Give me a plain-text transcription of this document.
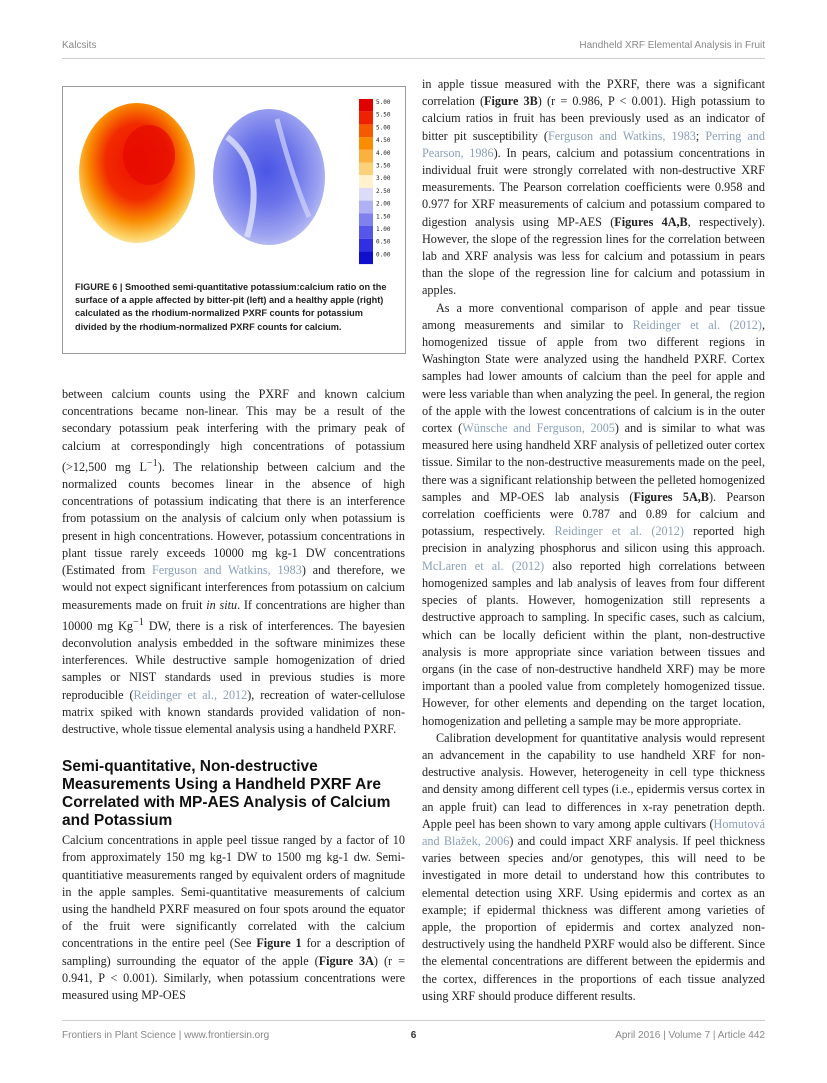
Kalcsits	Handheld XRF Elemental Analysis in Fruit
5.00
5.50
5.00
4.50
4.00
3.50
3.00
2.50
2.00
1.50
1.00
0.50
0.00
FIGURE 6 | Smoothed semi-quantitative potassium:calcium ratio on the surface of a apple affected by bitter-pit (left) and a healthy apple (right) calculated as the rhodium-normalized PXRF counts for potassium divided by the rhodium-normalized PXRF counts for calcium.

between calcium counts using the PXRF and known calcium concentrations became non-linear. This may be a result of the secondary potassium peak interfering with the primary peak of calcium at correspondingly high concentrations of potassium (>12,500 mg $L^{-1}$). The relationship between calcium and the normalized counts becomes linear in the absence of high concentrations of potassium indicating that there is an interference from potassium on the analysis of calcium only when potassium is present in high concentrations. However, potassium concentrations in plant tissue rarely exceeds 10000 mg kg-1 DW concentrations (Estimated from Ferguson and Watkins, 1983) and therefore, we would not expect significant interferences from potassium on calcium measurements made on fruit in situ. If concentrations are higher than 10000 mg $Kg^{-1}$ DW, there is a risk of interferences. The bayesien deconvolution analysis embedded in the software minimizes these interferences. While destructive sample homogenization of dried samples or NIST standards used in previous studies is more reproducible (Reidinger et al., 2012), recreation of water-cellulose matrix spiked with known standards provided validation of non-destructive, whole tissue elemental analysis using a handheld PXRF.

Semi-quantitative, Non-destructive Measurements Using a Handheld PXRF Are Correlated with MP-AES Analysis of Calcium and Potassium

Calcium concentrations in apple peel tissue ranged by a factor of 10 from approximately 150 mg kg-1 DW to 1500 mg kg-1 dw. Semi-quantitiative measurements ranged by equivalent orders of magnitude in the apple samples. Semi-quantitative measurements of calcium using the handheld PXRF measured on four spots around the equator of the fruit were significantly correlated with the calcium concentrations in the entire peel (See Figure 1 for a description of sampling) surrounding the equator of the apple (Figure 3A) (r = 0.941, P < 0.001). Similarly, when potassium concentrations were measured using MP-OES

in apple tissue measured with the PXRF, there was a significant correlation (Figure 3B) (r = 0.986, P < 0.001). High potassium to calcium ratios in fruit has been previously used as an indicator of bitter pit susceptibility (Ferguson and Watkins, 1983; Perring and Pearson, 1986). In pears, calcium and potassium concentrations in individual fruit were strongly correlated with non-destructive XRF measurements. The Pearson correlation coefficients were 0.958 and 0.977 for XRF measurements of calcium and potassium compared to digestion analysis using MP-AES (Figures 4A,B, respectively). However, the slope of the regression lines for the correlation between lab and XRF analysis was less for calcium and potassium in pears than the slope of the regression line for calcium and potassium in apples.

As a more conventional comparison of apple and pear tissue among measurements and similar to Reidinger et al. (2012), homogenized tissue of apple from two different regions in Washington State were analyzed using the handheld PXRF. Cortex samples had lower amounts of calcium than the peel for apple and were less variable than when analyzing the peel. In general, the region of the apple with the lowest concentrations of calcium is in the outer cortex (Wünsche and Ferguson, 2005) and is similar to what was measured here using handheld XRF analysis of pelletized outer cortex tissue. Similar to the non-destructive measurements made on the peel, there was a significant relationship between the pelleted homogenized samples and MP-OES lab analysis (Figures 5A,B). Pearson correlation coefficients were 0.787 and 0.89 for calcium and potassium, respectively. Reidinger et al. (2012) reported high precision in analyzing phosphorus and silicon using this approach. McLaren et al. (2012) also reported high correlations between homogenized samples and lab analysis of leaves from four different species of plants. However, homogenization still represents a destructive approach to sampling. In specific cases, such as calcium, which can be locally deficient within the plant, non-destructive analysis is more appropriate since variation between tissues and organs (in the case of non-destructive handheld XRF) may be more important than a pooled value from completely homogenized tissue. However, for other elements and depending on the target location, homogenization and pelleting a sample may be more appropriate.

Calibration development for quantitative analysis would represent an advancement in the capability to use handheld XRF for non-destructive analysis. However, heterogeneity in cell type thickness and density among different cell types (i.e., epidermis versus cortex in an apple fruit) can lead to differences in x-ray penetration depth. Apple peel has been shown to vary among apple cultivars (Homutová and Blažek, 2006) and could impact XRF analysis. If peel thickness varies between species and/or genotypes, this will need to be investigated in more detail to understand how this contributes to elemental detection using XRF. Using epidermis and cortex as an example; if epidermal thickness was different among varieties of apple, the proportion of epidermis and cortex analyzed non-destructively using the handheld PXRF would also be different. Since the elemental concentrations are different between the epidermis and the cortex, differences in the proportions of each tissue analyzed using XRF should produce different results.

Frontiers in Plant Science | www.frontiersin.org	6	April 2016 | Volume 7 | Article 442
